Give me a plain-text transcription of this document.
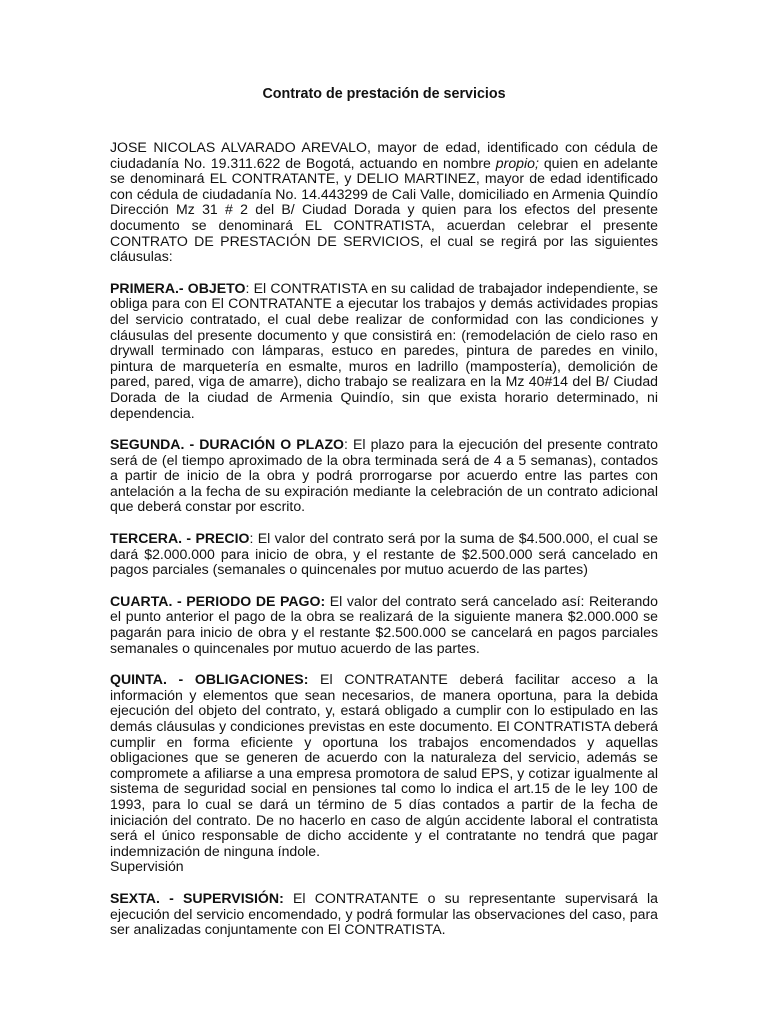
Contrato de prestación de servicios

JOSE NICOLAS ALVARADO AREVALO, mayor de edad, identificado con cédula de ciudadanía No. 19.311.622 de Bogotá, actuando en nombre propio; quien en adelante se denominará EL CONTRATANTE, y DELIO MARTINEZ, mayor de edad identificado con cédula de ciudadanía No. 14.443299 de Cali Valle, domiciliado en Armenia Quindío Dirección Mz 31 # 2 del B/ Ciudad Dorada y quien para los efectos del presente documento se denominará EL CONTRATISTA, acuerdan celebrar el presente CONTRATO DE PRESTACIÓN DE SERVICIOS, el cual se regirá por las siguientes cláusulas:

PRIMERA.- OBJETO: El CONTRATISTA en su calidad de trabajador independiente, se obliga para con El CONTRATANTE a ejecutar los trabajos y demás actividades propias del servicio contratado, el cual debe realizar de conformidad con las condiciones y cláusulas del presente documento y que consistirá en: (remodelación de cielo raso en drywall terminado con lámparas, estuco en paredes, pintura de paredes en vinilo, pintura de marquetería en esmalte, muros en ladrillo (mampostería), demolición de pared, pared, viga de amarre), dicho trabajo se realizara en la Mz 40#14 del B/ Ciudad Dorada de la ciudad de Armenia Quindío, sin que exista horario determinado, ni dependencia.

SEGUNDA. - DURACIÓN O PLAZO: El plazo para la ejecución del presente contrato será de (el tiempo aproximado de la obra terminada será de 4 a 5 semanas), contados a partir de inicio de la obra y podrá prorrogarse por acuerdo entre las partes con antelación a la fecha de su expiración mediante la celebración de un contrato adicional que deberá constar por escrito.

TERCERA. - PRECIO: El valor del contrato será por la suma de $4.500.000, el cual se dará $2.000.000 para inicio de obra, y el restante de $2.500.000 será cancelado en pagos parciales (semanales o quincenales por mutuo acuerdo de las partes)

CUARTA. - PERIODO DE PAGO: El valor del contrato será cancelado así: Reiterando el punto anterior el pago de la obra se realizará de la siguiente manera $2.000.000 se pagarán para inicio de obra y el restante $2.500.000 se cancelará en pagos parciales semanales o quincenales por mutuo acuerdo de las partes.

QUINTA. - OBLIGACIONES: El CONTRATANTE deberá facilitar acceso a la información y elementos que sean necesarios, de manera oportuna, para la debida ejecución del objeto del contrato, y, estará obligado a cumplir con lo estipulado en las demás cláusulas y condiciones previstas en este documento. El CONTRATISTA deberá cumplir en forma eficiente y oportuna los trabajos encomendados y aquellas obligaciones que se generen de acuerdo con la naturaleza del servicio, además se compromete a afiliarse a una empresa promotora de salud EPS, y cotizar igualmente al sistema de seguridad social en pensiones tal como lo indica el art.15 de le ley 100 de 1993, para lo cual se dará un término de 5 días contados a partir de la fecha de iniciación del contrato. De no hacerlo en caso de algún accidente laboral el contratista será el único responsable de dicho accidente y el contratante no tendrá que pagar indemnización de ninguna índole.

Supervisión

SEXTA. - SUPERVISIÓN: El CONTRATANTE o su representante supervisará la ejecución del servicio encomendado, y podrá formular las observaciones del caso, para ser analizadas conjuntamente con El CONTRATISTA.
